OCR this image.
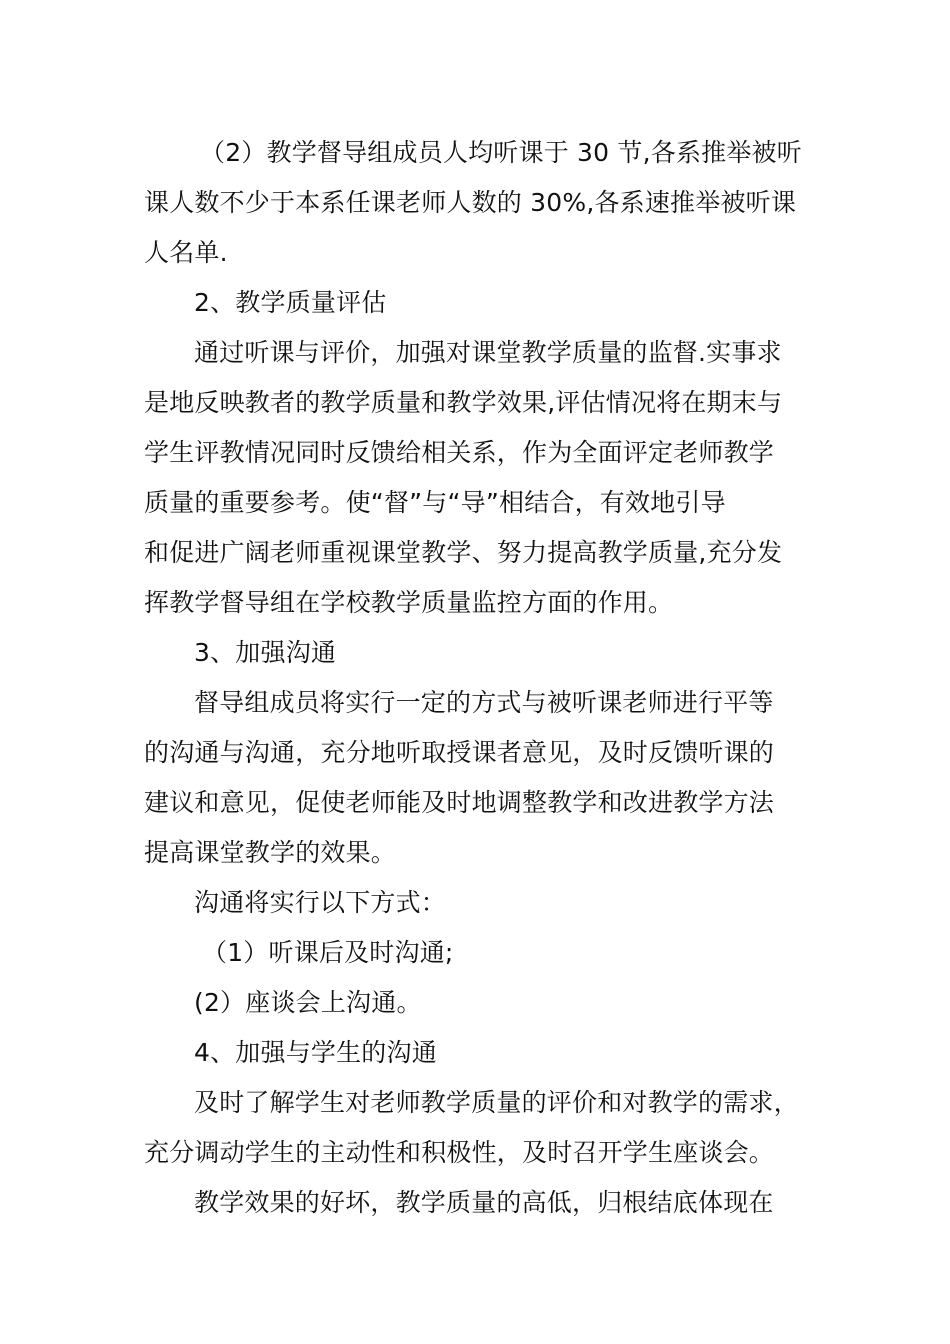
（2）教学督导组成员人均听课于 30 节,各系推举被听
课人数不少于本系任课老师人数的 30%,各系速推举被听课
人名单.
2、教学质量评估
通过听课与评价，加强对课堂教学质量的监督.实事求
是地反映教者的教学质量和教学效果,评估情况将在期末与
学生评教情况同时反馈给相关系，作为全面评定老师教学
质量的重要参考。使“督”与“导”相结合，有效地引导
和促进广阔老师重视课堂教学、努力提高教学质量,充分发
挥教学督导组在学校教学质量监控方面的作用。
3、加强沟通
督导组成员将实行一定的方式与被听课老师进行平等
的沟通与沟通，充分地听取授课者意见，及时反馈听课的
建议和意见，促使老师能及时地调整教学和改进教学方法
提高课堂教学的效果。
沟通将实行以下方式：
（1）听课后及时沟通;
(2）座谈会上沟通。
4、加强与学生的沟通
及时了解学生对老师教学质量的评价和对教学的需求，
充分调动学生的主动性和积极性，及时召开学生座谈会。
教学效果的好坏，教学质量的高低，归根结底体现在
